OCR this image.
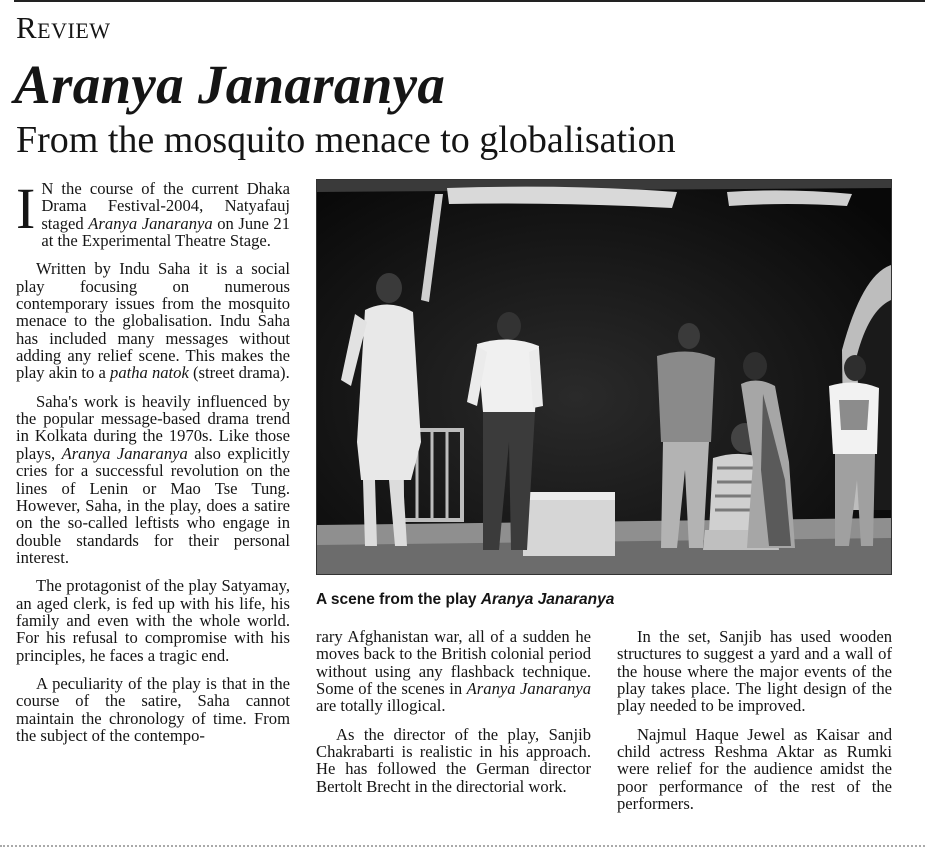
Review
Aranya Janaranya
From the mosquito menace to globalisation

I N the course of the current Dhaka Drama Festival-2004, Natyafauj staged Aranya Janaranya on June 21 at the Experimental Theatre Stage.

Written by Indu Saha it is a social play focusing on numerous contemporary issues from the mosquito menace to the globalisation. Indu Saha has included many messages without adding any relief scene. This makes the play akin to a patha natok (street drama).

Saha's work is heavily influenced by the popular message-based drama trend in Kolkata during the 1970s. Like those plays, Aranya Janaranya also explicitly cries for a successful revolution on the lines of Lenin or Mao Tse Tung. However, Saha, in the play, does a satire on the so-called leftists who engage in double standards for their personal interest.

The protagonist of the play Satyamay, an aged clerk, is fed up with his life, his family and even with the whole world. For his refusal to compromise with his principles, he faces a tragic end.

A peculiarity of the play is that in the course of the satire, Saha cannot maintain the chronology of time. From the subject of the contempo-

A scene from the play Aranya Janaranya

rary Afghanistan war, all of a sudden he moves back to the British colonial period without using any flashback technique. Some of the scenes in Aranya Janaranya are totally illogical.

As the director of the play, Sanjib Chakrabarti is realistic in his approach. He has followed the German director Bertolt Brecht in the directorial work.

In the set, Sanjib has used wooden structures to suggest a yard and a wall of the house where the major events of the play takes place. The light design of the play needed to be improved.

Najmul Haque Jewel as Kaisar and child actress Reshma Aktar as Rumki were relief for the audience amidst the poor performance of the rest of the performers.
